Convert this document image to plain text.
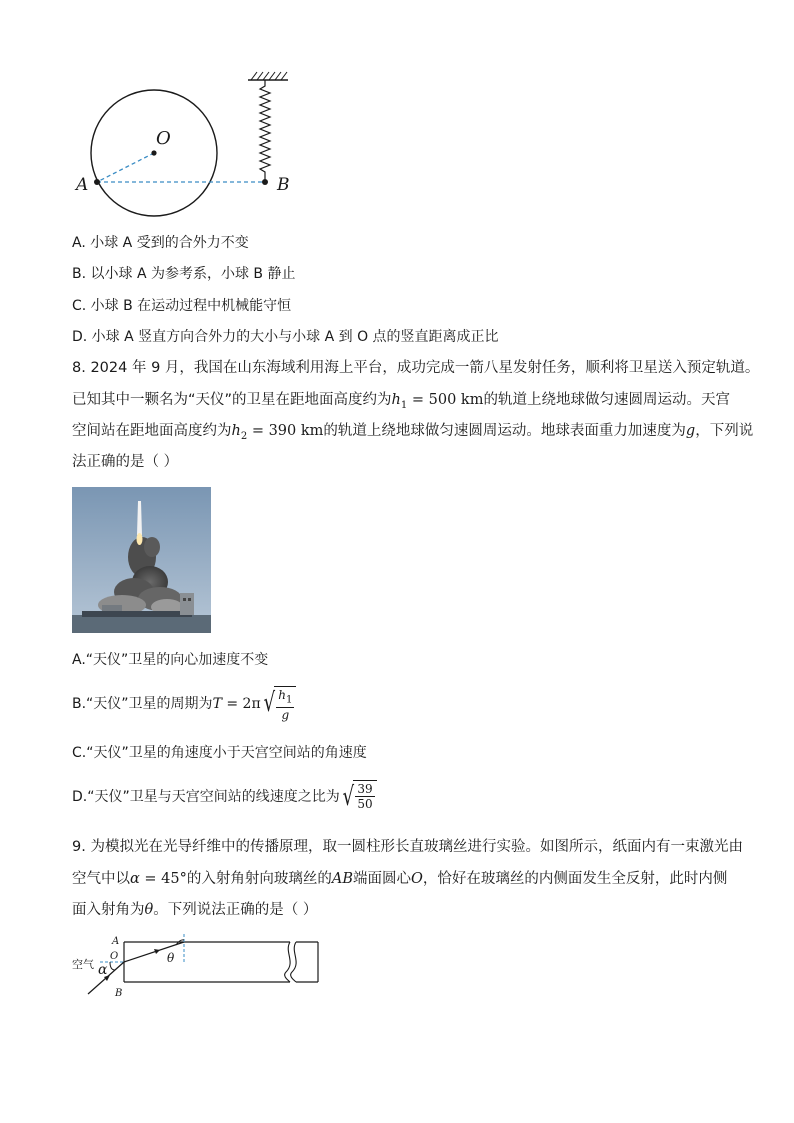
O
A	B
A. 小球 A 受到的合外力不变
B. 以小球 A 为参考系，小球 B 静止
C. 小球 B 在运动过程中机械能守恒
D. 小球 A 竖直方向合外力的大小与小球 A 到 O 点的竖直距离成正比
8. 2024 年 9 月，我国在山东海域利用海上平台，成功完成一箭八星发射任务，顺利将卫星送入预定轨道。
已知其中一颗名为“天仪”的卫星在距地面高度约为$h_1 = 500$ km的轨道上绕地球做匀速圆周运动。天宫
空间站在距地面高度约为$h_2 = 390$ km的轨道上绕地球做匀速圆周运动。地球表面重力加速度为g，下列说
法正确的是（ ）
A.“天仪”卫星的向心加速度不变
B.“天仪”卫星的周期为T = 2π √ $\frac{h_1}{g}$
C.“天仪”卫星的角速度小于天宫空间站的角速度
D.“天仪”卫星与天宫空间站的线速度之比为 √ $\frac{39}{50}$
9. 为模拟光在光导纤维中的传播原理，取一圆柱形长直玻璃丝进行实验。如图所示，纸面内有一束激光由
空气中以α = 45°的入射角射向玻璃丝的AB端面圆心O，恰好在玻璃丝的内侧面发生全反射，此时内侧
面入射角为θ。下列说法正确的是（ ）
空气
A
O
B
α
θ
